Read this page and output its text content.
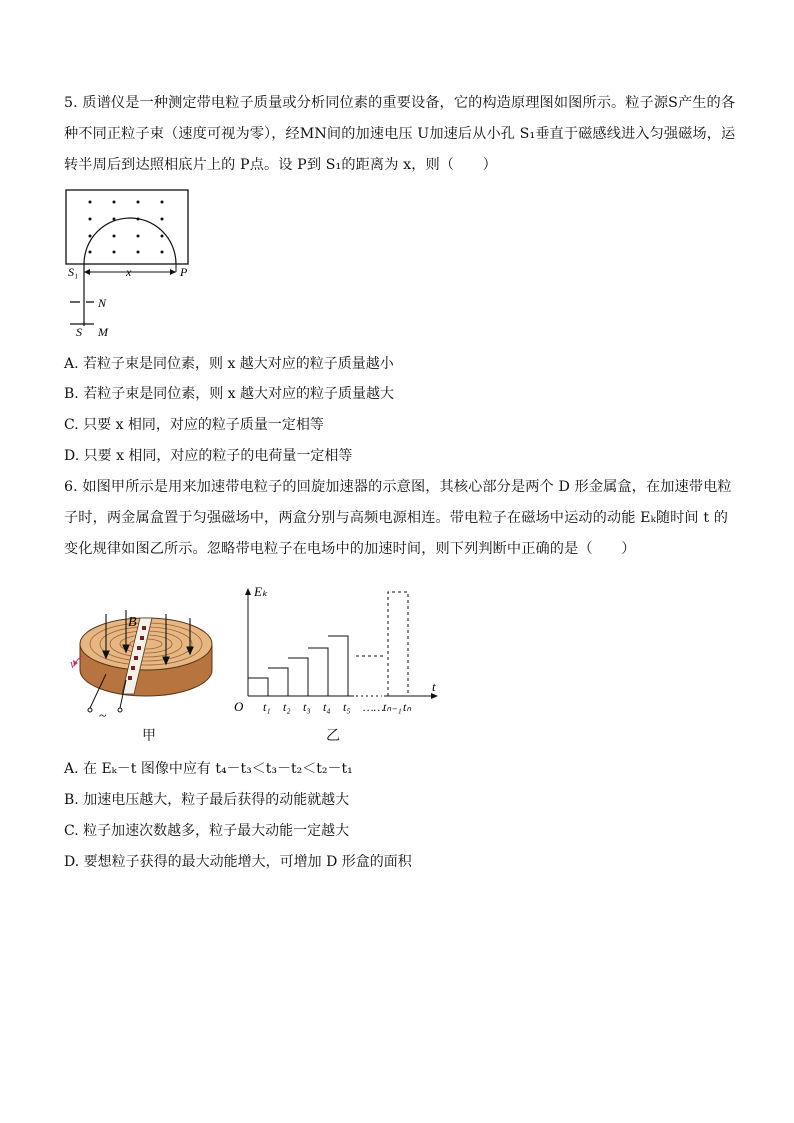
5. 质谱仪是一种测定带电粒子质量或分析同位素的重要设备，它的构造原理图如图所示。粒子源S产生的各种不同正粒子束（速度可视为零），经MN间的加速电压 U加速后从小孔 S₁垂直于磁感线进入匀强磁场，运转半周后到达照相底片上的 P点。设 P到 S₁的距离为 x，则（　　）
S₁	x	P
N
S M
A. 若粒子束是同位素，则 x 越大对应的粒子质量越小
B. 若粒子束是同位素，则 x 越大对应的粒子质量越大
C. 只要 x 相同，对应的粒子质量一定相等
D. 只要 x 相同，对应的粒子的电荷量一定相等
6. 如图甲所示是用来加速带电粒子的回旋加速器的示意图，其核心部分是两个 D 形金属盒，在加速带电粒子时，两金属盒置于匀强磁场中，两盒分别与高频电源相连。带电粒子在磁场中运动的动能 Eₖ随时间 t 的变化规律如图乙所示。忽略带电粒子在电场中的加速时间，则下列判断中正确的是（　　）
B
v
~
甲
Eₖ
t
O t₁ t₂ t₃ t₄ t₅ ……
tₙ₋₁ tₙ
乙
A. 在 Eₖ－t 图像中应有 t₄－t₃＜t₃－t₂＜t₂－t₁
B. 加速电压越大，粒子最后获得的动能就越大
C. 粒子加速次数越多，粒子最大动能一定越大
D. 要想粒子获得的最大动能增大，可增加 D 形盒的面积
